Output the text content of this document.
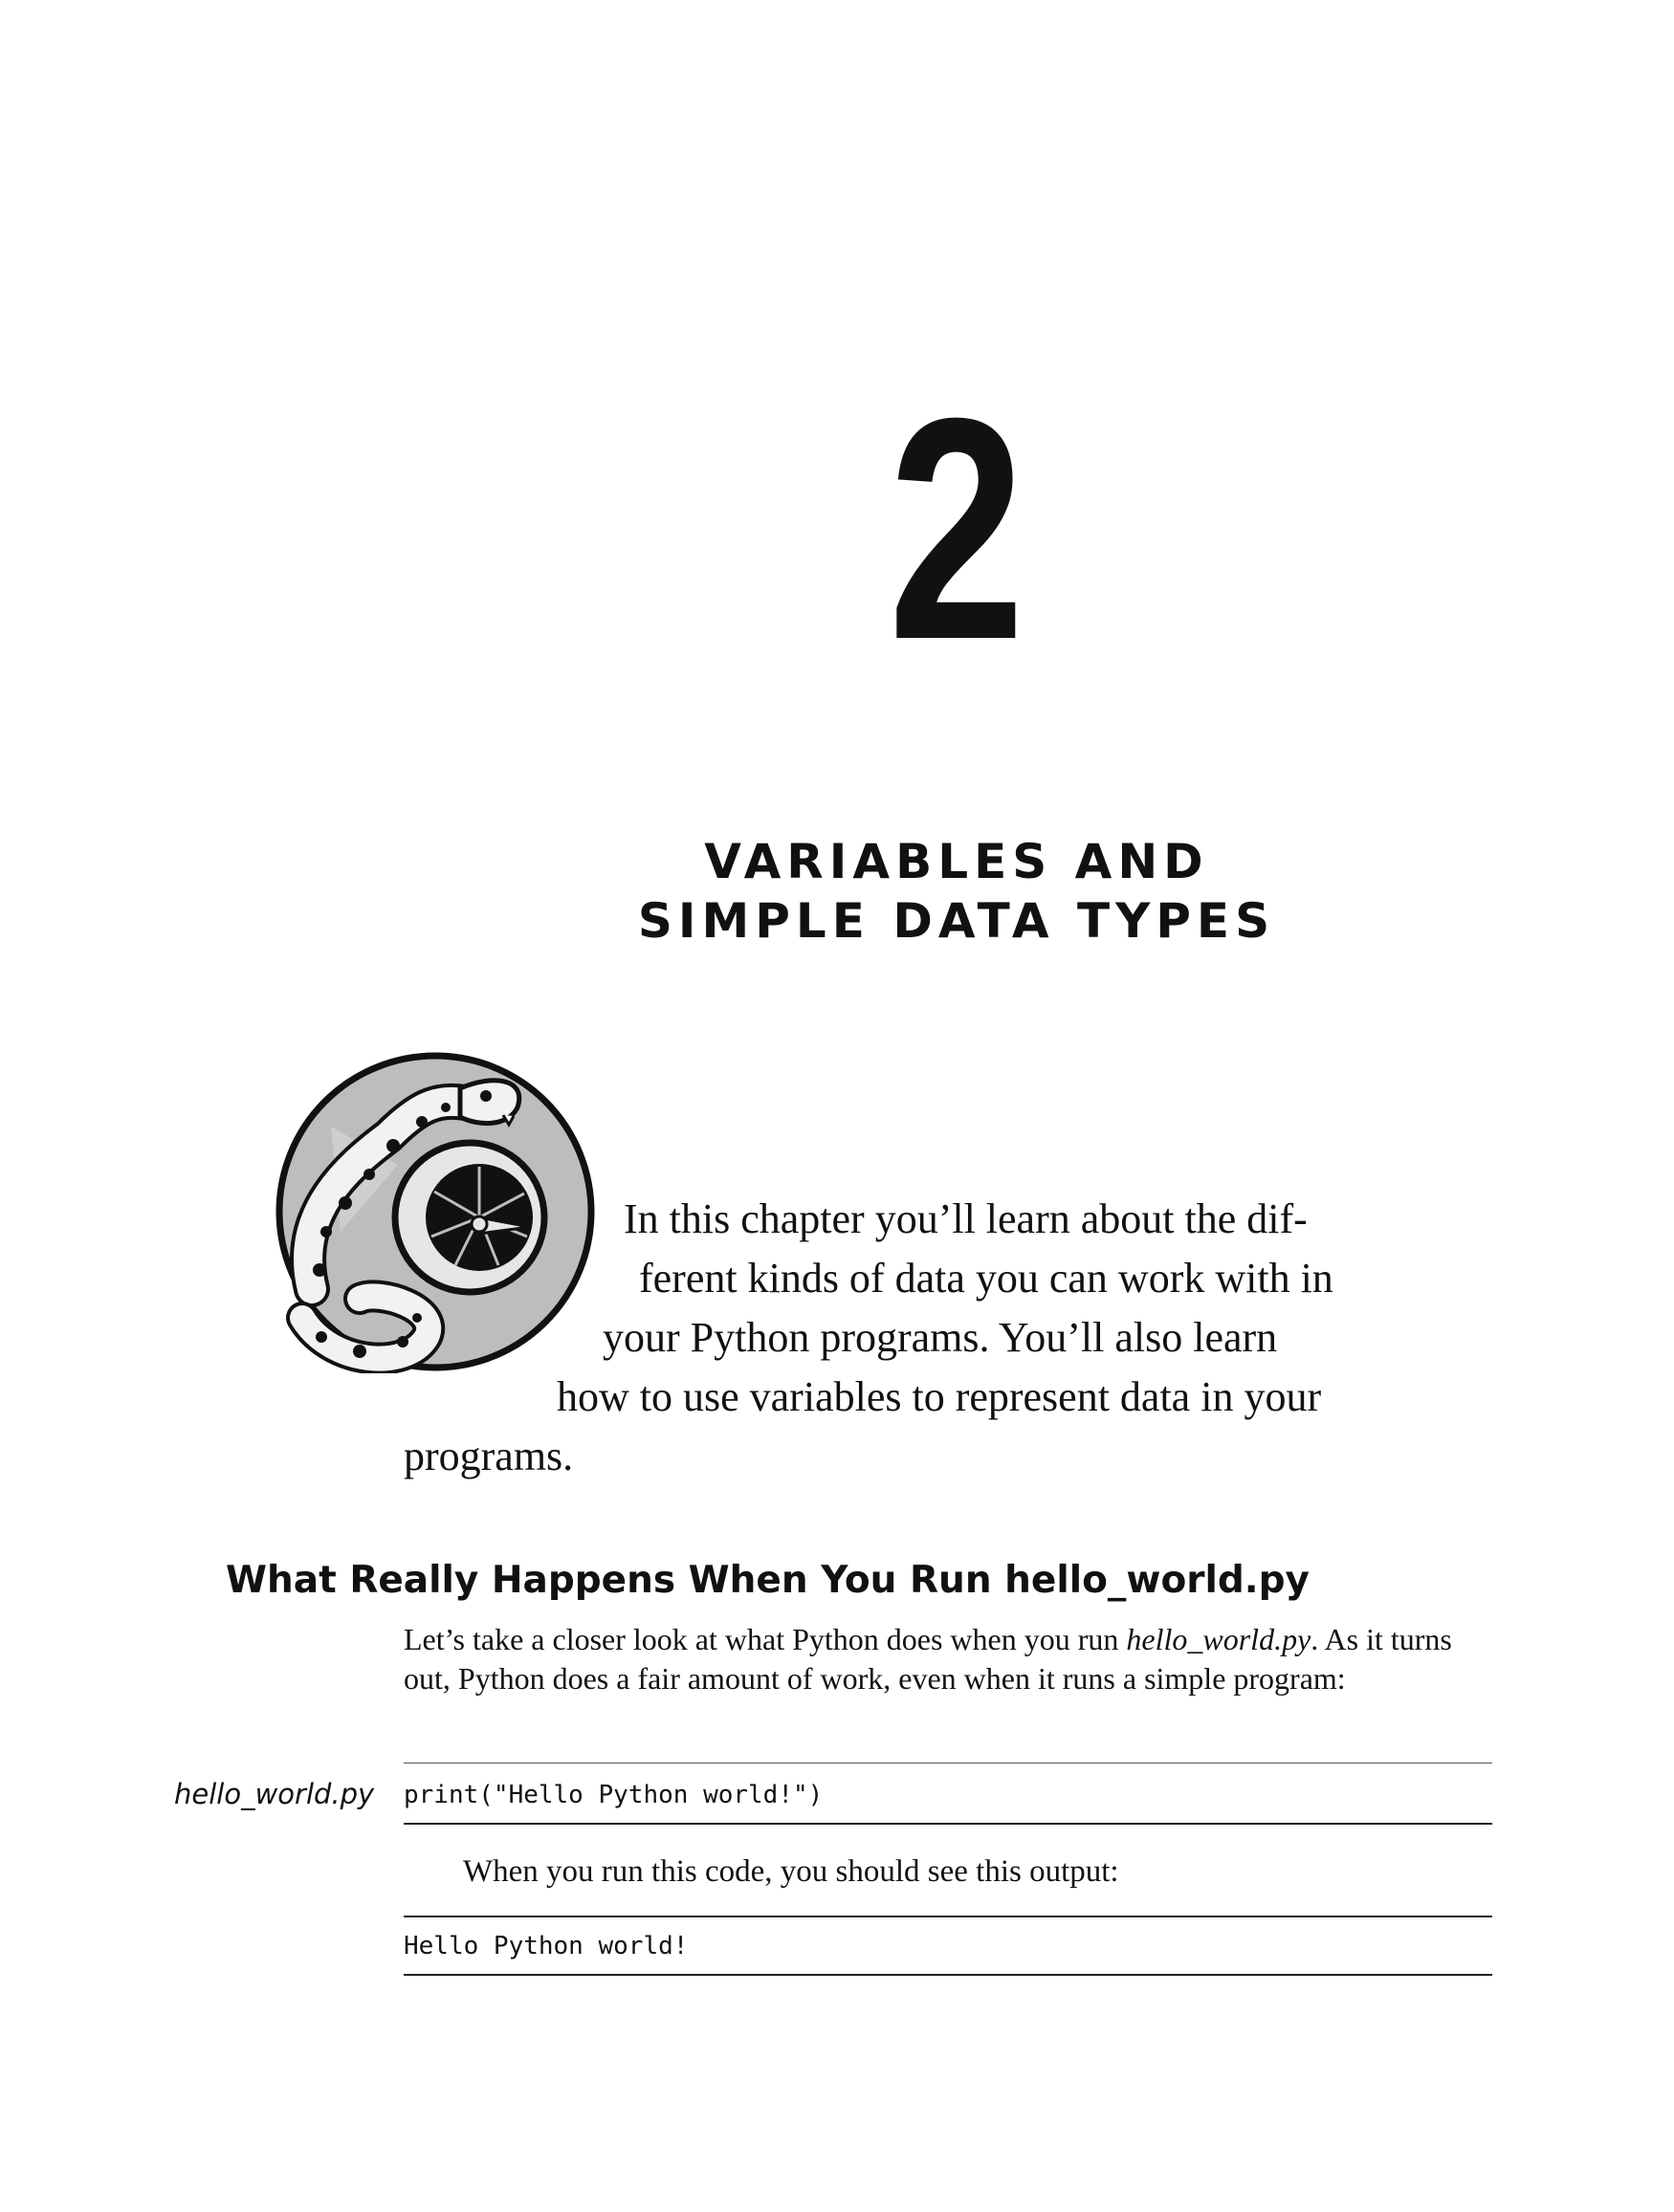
2
VARIABLES AND
SIMPLE DATA TYPES
In this chapter you’ll learn about the dif-
ferent kinds of data you can work with in
your Python programs. You’ll also learn
how to use variables to represent data in your
programs.
What Really Happens When You Run hello_world.py
Let’s take a closer look at what Python does when you run hello_world.py. As it turns out, Python does a fair amount of work, even when it runs a simple program:
hello_world.py print("Hello Python world!")
When you run this code, you should see this output:
Hello Python world!
